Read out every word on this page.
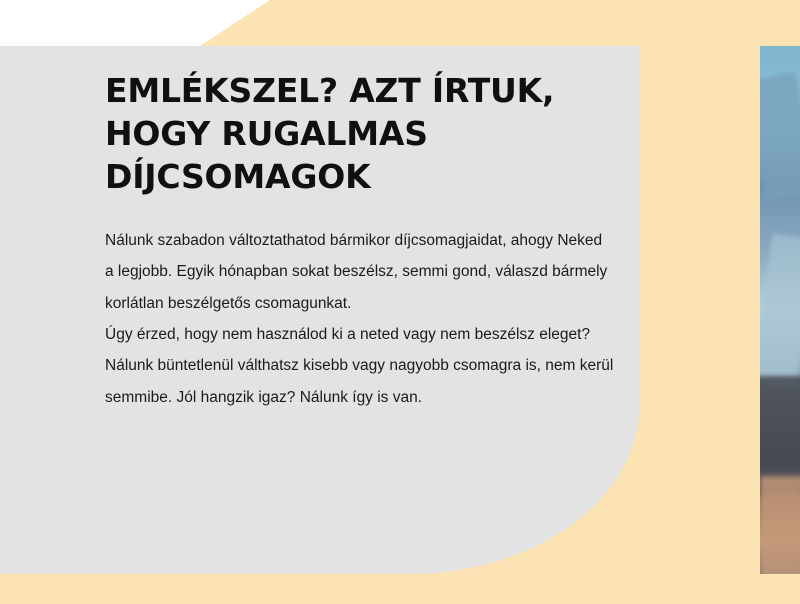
EMLÉKSZEL? AZT ÍRTUK, HOGY RUGALMAS DÍJCSOMAGOK

Nálunk szabadon változtathatod bármikor díjcsomagjaidat, ahogy Neked a legjobb. Egyik hónapban sokat beszélsz, semmi gond, válaszd bármely korlátlan beszélgetős csomagunkat.

Úgy érzed, hogy nem használod ki a neted vagy nem beszélsz eleget? Nálunk büntetlenül válthatsz kisebb vagy nagyobb csomagra is, nem kerül semmibe. Jól hangzik igaz? Nálunk így is van.
